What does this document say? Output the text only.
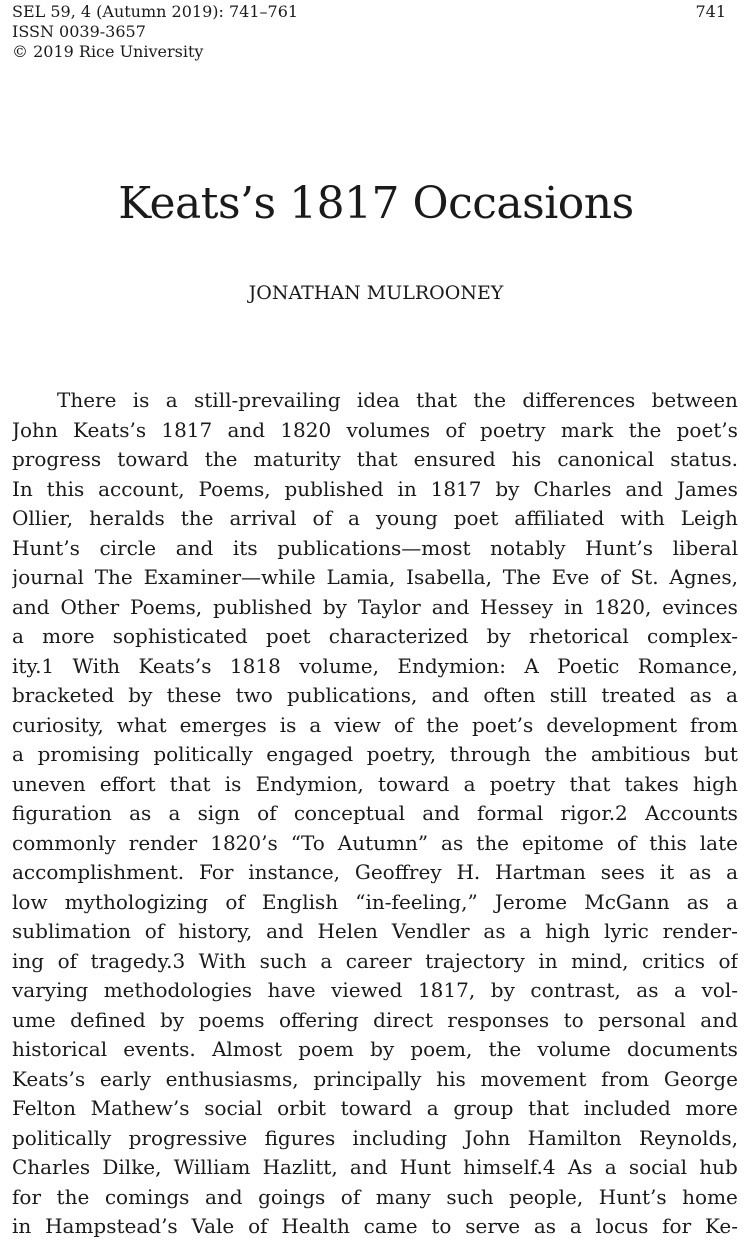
SEL 59, 4 (Autumn 2019): 741–761
ISSN 0039-3657
© 2019 Rice University
741
Keats’s 1817 Occasions
JONATHAN MULROONEY
There is a still-prevailing idea that the differences between
John Keats’s 1817 and 1820 volumes of poetry mark the poet’s
progress toward the maturity that ensured his canonical status.
In this account, Poems, published in 1817 by Charles and James
Ollier, heralds the arrival of a young poet affiliated with Leigh
Hunt’s circle and its publications—most notably Hunt’s liberal
journal The Examiner—while Lamia, Isabella, The Eve of St. Agnes,
and Other Poems, published by Taylor and Hessey in 1820, evinces
a more sophisticated poet characterized by rhetorical complex-
ity.1 With Keats’s 1818 volume, Endymion: A Poetic Romance,
bracketed by these two publications, and often still treated as a
curiosity, what emerges is a view of the poet’s development from
a promising politically engaged poetry, through the ambitious but
uneven effort that is Endymion, toward a poetry that takes high
figuration as a sign of conceptual and formal rigor.2 Accounts
commonly render 1820’s “To Autumn” as the epitome of this late
accomplishment. For instance, Geoffrey H. Hartman sees it as a
low mythologizing of English “in-feeling,” Jerome McGann as a
sublimation of history, and Helen Vendler as a high lyric render-
ing of tragedy.3 With such a career trajectory in mind, critics of
varying methodologies have viewed 1817, by contrast, as a vol-
ume defined by poems offering direct responses to personal and
historical events. Almost poem by poem, the volume documents
Keats’s early enthusiasms, principally his movement from George
Felton Mathew’s social orbit toward a group that included more
politically progressive figures including John Hamilton Reynolds,
Charles Dilke, William Hazlitt, and Hunt himself.4 As a social hub
for the comings and goings of many such people, Hunt’s home
in Hampstead’s Vale of Health came to serve as a locus for Ke-
